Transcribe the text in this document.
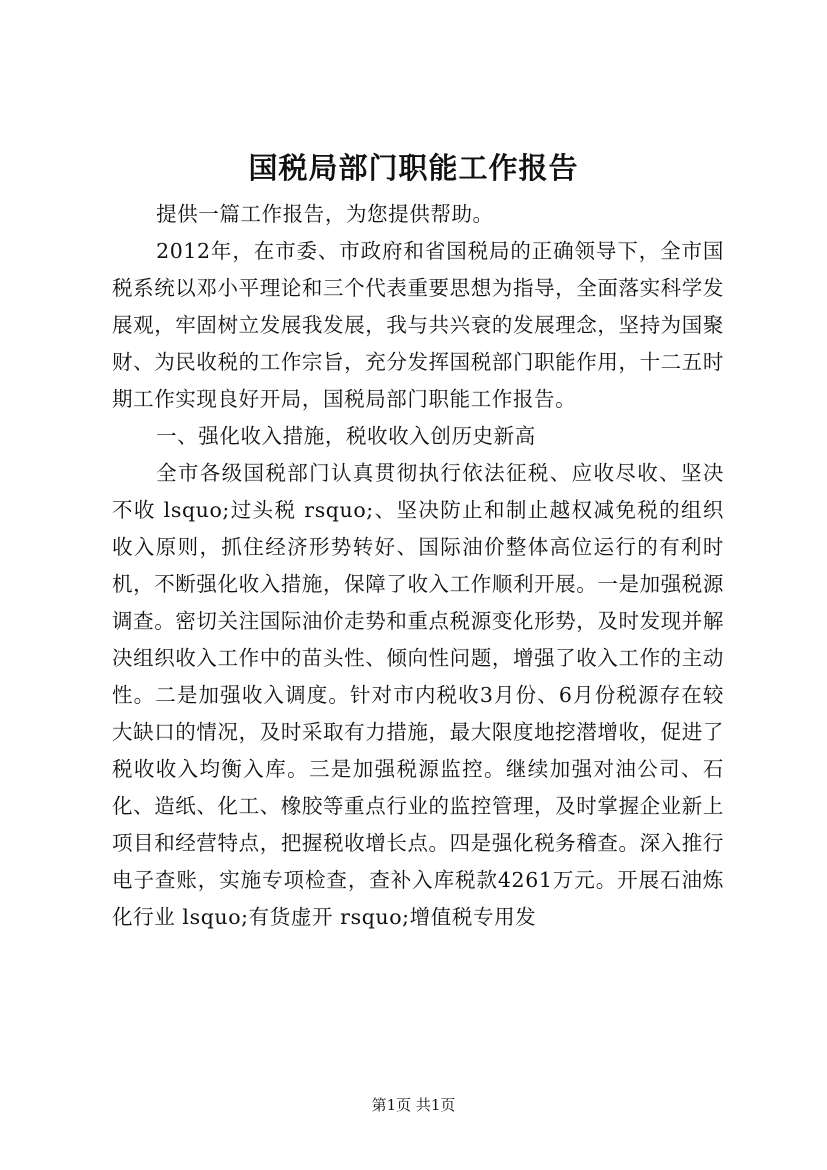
国税局部门职能工作报告

提供一篇工作报告，为您提供帮助。

2012年，在市委、市政府和省国税局的正确领导下，全市国税系统以邓小平理论和三个代表重要思想为指导，全面落实科学发展观，牢固树立发展我发展，我与共兴衰的发展理念，坚持为国聚财、为民收税的工作宗旨，充分发挥国税部门职能作用，十二五时期工作实现良好开局，国税局部门职能工作报告。

一、强化收入措施，税收收入创历史新高

全市各级国税部门认真贯彻执行依法征税、应收尽收、坚决不收 lsquo;过头税 rsquo;、坚决防止和制止越权减免税的组织收入原则，抓住经济形势转好、国际油价整体高位运行的有利时机，不断强化收入措施，保障了收入工作顺利开展。一是加强税源调查。密切关注国际油价走势和重点税源变化形势，及时发现并解决组织收入工作中的苗头性、倾向性问题，增强了收入工作的主动性。二是加强收入调度。针对市内税收3月份、6月份税源存在较大缺口的情况，及时采取有力措施，最大限度地挖潜增收，促进了税收收入均衡入库。三是加强税源监控。继续加强对油公司、石化、造纸、化工、橡胶等重点行业的监控管理，及时掌握企业新上项目和经营特点，把握税收增长点。四是强化税务稽查。深入推行电子查账，实施专项检查，查补入库税款4261万元。开展石油炼化行业 lsquo;有货虚开 rsquo;增值税专用发

第1页 共1页
